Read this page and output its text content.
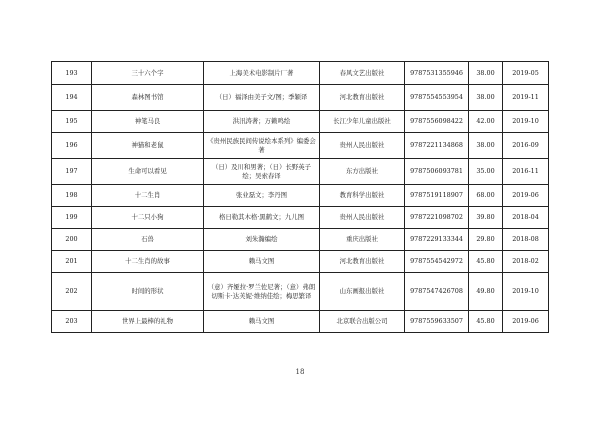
193	三十六个字	上海美术电影制片厂著	春风文艺出版社	9787531355946	38.00	2019-05
194	森林图书馆	（日）福泽由美子文/图；季颖译	河北教育出版社	9787554553954	38.00	2019-11
195	神笔马良	洪汛涛著；万籁鸣绘	长江少年儿童出版社	9787556098422	42.00	2019-10
196	神猫和老鼠	《贵州民族民间传说绘本系列》编委会著	贵州人民出版社	9787221134868	38.00	2016-09
197	生命可以看见	（日）及川和男著；（日）长野英子绘；吴索春译	东方出版社	9787506093781	35.00	2016-11
198	十二生肖	张业磊文；李丹图	教育科学出版社	9787519118907	68.00	2019-06
199	十二只小狗	格日勒其木格·黑鹤文；九儿图	贵州人民出版社	9787221098702	39.80	2018-04
200	石兽	刘朱瀚编绘	重庆出版社	9787229133344	29.80	2018-08
201	十二生肖的故事	赖马文图	河北教育出版社	9787554542972	45.80	2018-02
202	时间的形状	（意）齐娅拉·罗兰佐尼著；（意）弗朗切斯卡·达芙妮·维纳佳绘；梅思繁译	山东画报出版社	9787547426708	49.80	2019-10
203	世界上最棒的礼物	赖马文图	北京联合出版公司	9787559633507	45.80	2019-06
18
